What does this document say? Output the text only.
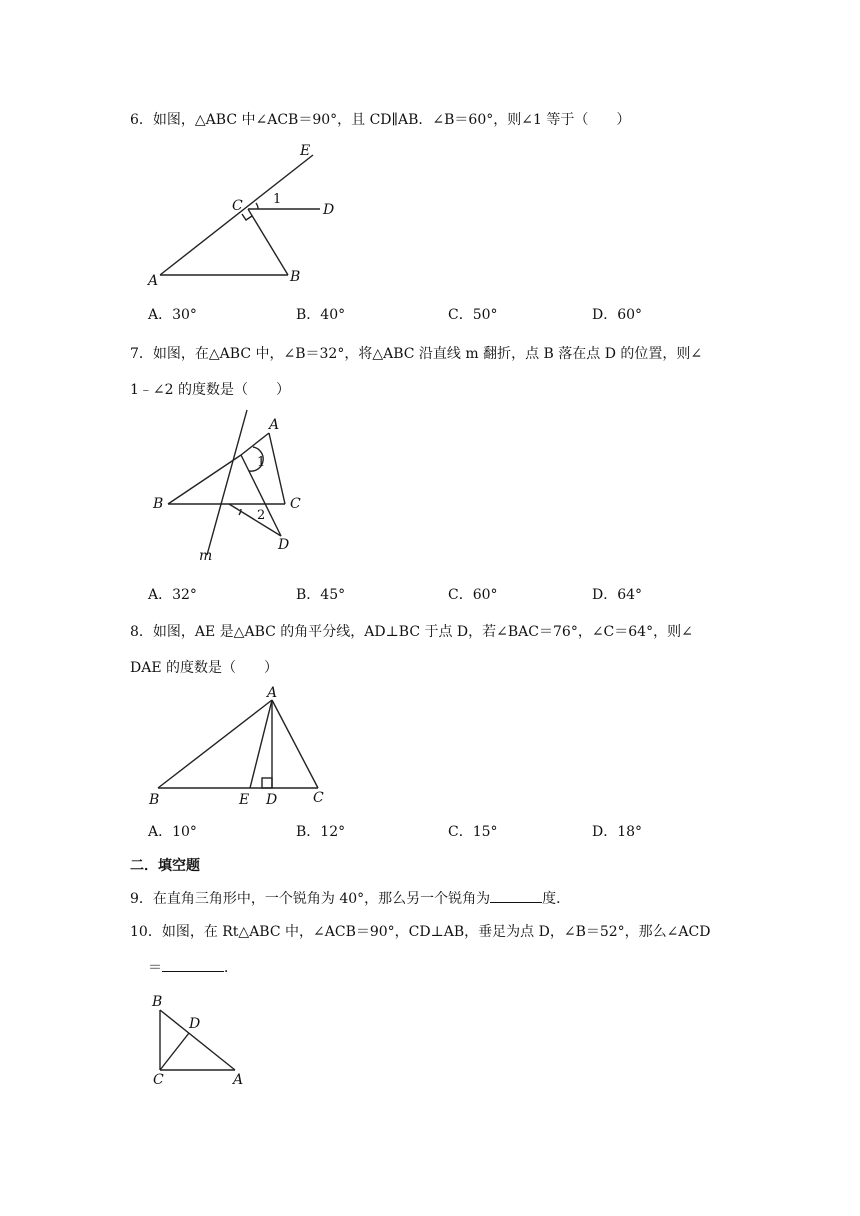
6．如图，△ABC 中∠ACB＝90°，且 CD∥AB．∠B＝60°，则∠1 等于（　　）
E
C	D
A	B
1
A．30°	B．40°	C．50°	D．60°
7．如图，在△ABC 中，∠B＝32°，将△ABC 沿直线 m 翻折，点 B 落在点 D 的位置，则∠
1﹣∠2 的度数是（　　）
A
B	C
D
m
1
2
A．32°	B．45°	C．60°	D．64°
8．如图，AE 是△ABC 的角平分线，AD⊥BC 于点 D，若∠BAC＝76°，∠C＝64°，则∠
DAE 的度数是（　　）
A
B	E D	C
A．10°	B．12°	C．15°	D．18°
二．填空题
9．在直角三角形中，一个锐角为 40°，那么另一个锐角为	度．
10．如图，在 Rt△ABC 中，∠ACB＝90°，CD⊥AB，垂足为点 D，∠B＝52°，那么∠ACD
＝	．
B
D
C	A
